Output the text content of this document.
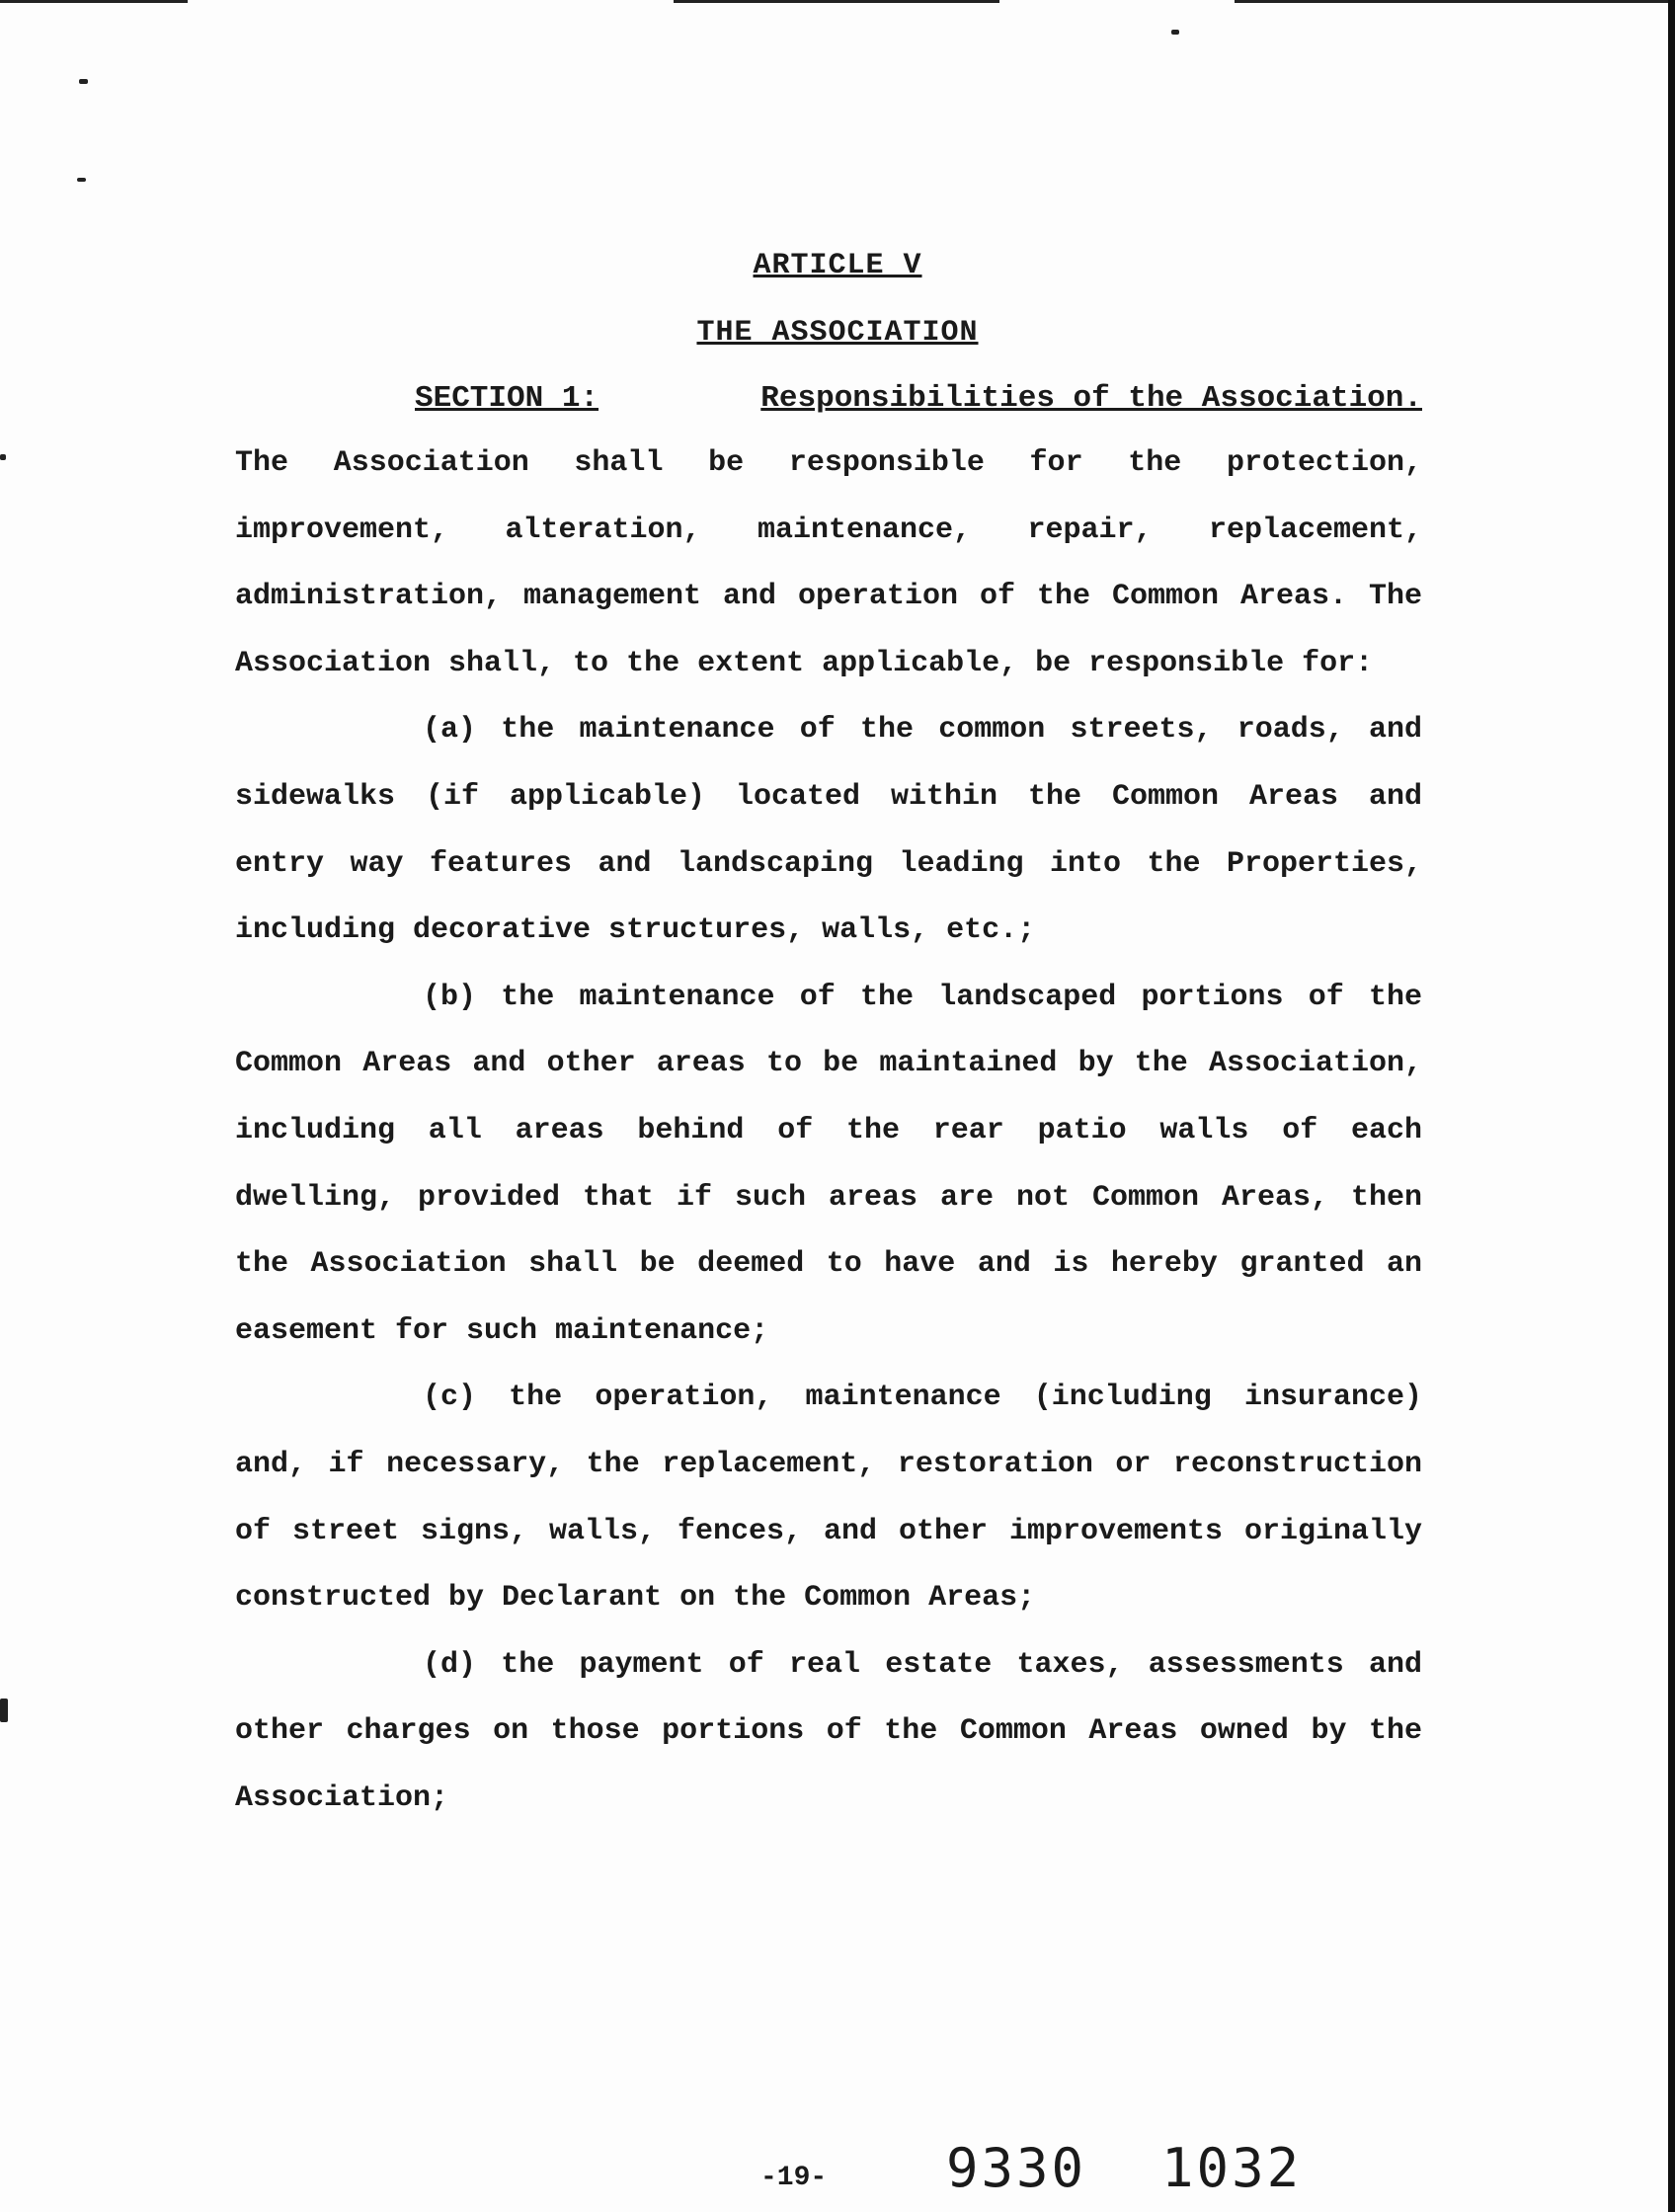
ARTICLE V
THE ASSOCIATION
SECTION 1:	Responsibilities of the Association.

The Association shall be responsible for the protection, improvement, alteration, maintenance, repair, replacement, administration, management and operation of the Common Areas. The Association shall, to the extent applicable, be responsible for:

(a) the maintenance of the common streets, roads, and sidewalks (if applicable) located within the Common Areas and entry way features and landscaping leading into the Properties, including decorative structures, walls, etc.;

(b) the maintenance of the landscaped portions of the Common Areas and other areas to be maintained by the Association, including all areas behind of the rear patio walls of each dwelling, provided that if such areas are not Common Areas, then the Association shall be deemed to have and is hereby granted an easement for such maintenance;

(c) the operation, maintenance (including insurance) and, if necessary, the replacement, restoration or reconstruction of street signs, walls, fences, and other improvements originally constructed by Declarant on the Common Areas;

(d) the payment of real estate taxes, assessments and other charges on those portions of the Common Areas owned by the Association;

-19- 9330 1032
